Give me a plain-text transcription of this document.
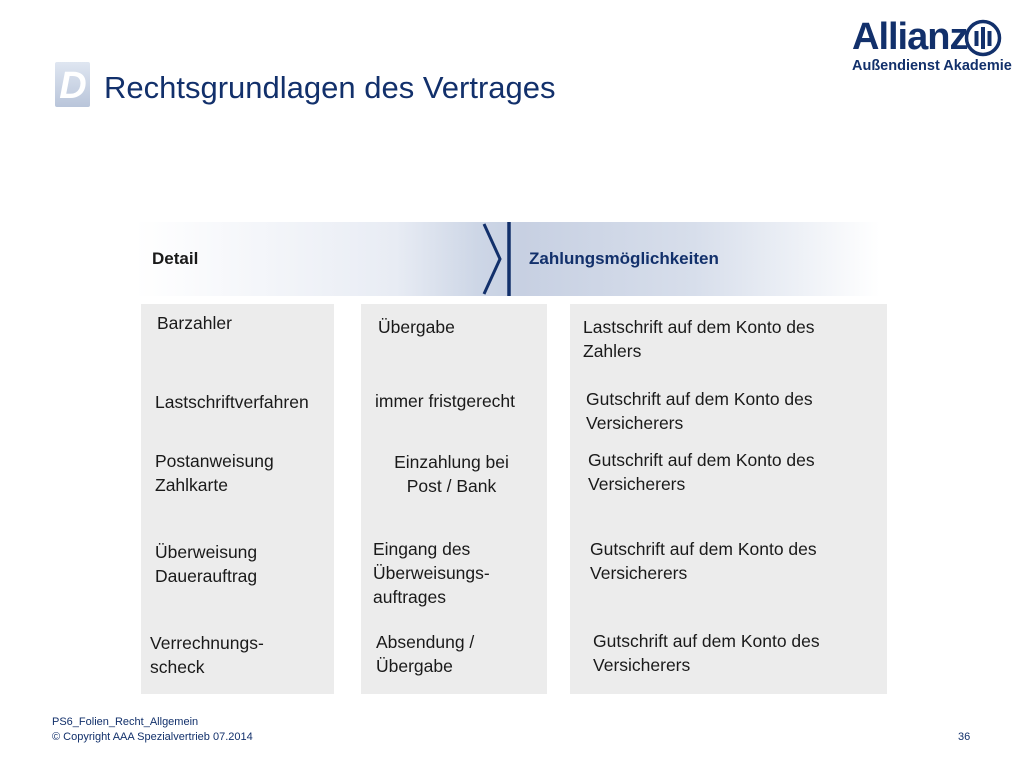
D Rechtsgrundlagen des Vertrages
Allianz
Außendienst Akademie
Detail	Zahlungsmöglichkeiten
Barzahler
Lastschriftverfahren
Postanweisung
Zahlkarte
Überweisung
Dauerauftrag
Verrechnungs-
scheck
Übergabe
immer fristgerecht
Einzahlung bei
Post / Bank
Eingang des
Überweisungs-
auftrages
Absendung /
Übergabe
Lastschrift auf dem Konto des
Zahlers
Gutschrift auf dem Konto des
Versicherers
Gutschrift auf dem Konto des
Versicherers
Gutschrift auf dem Konto des
Versicherers
Gutschrift auf dem Konto des
Versicherers
PS6_Folien_Recht_Allgemein
© Copyright AAA Spezialvertrieb 07.2014	36
